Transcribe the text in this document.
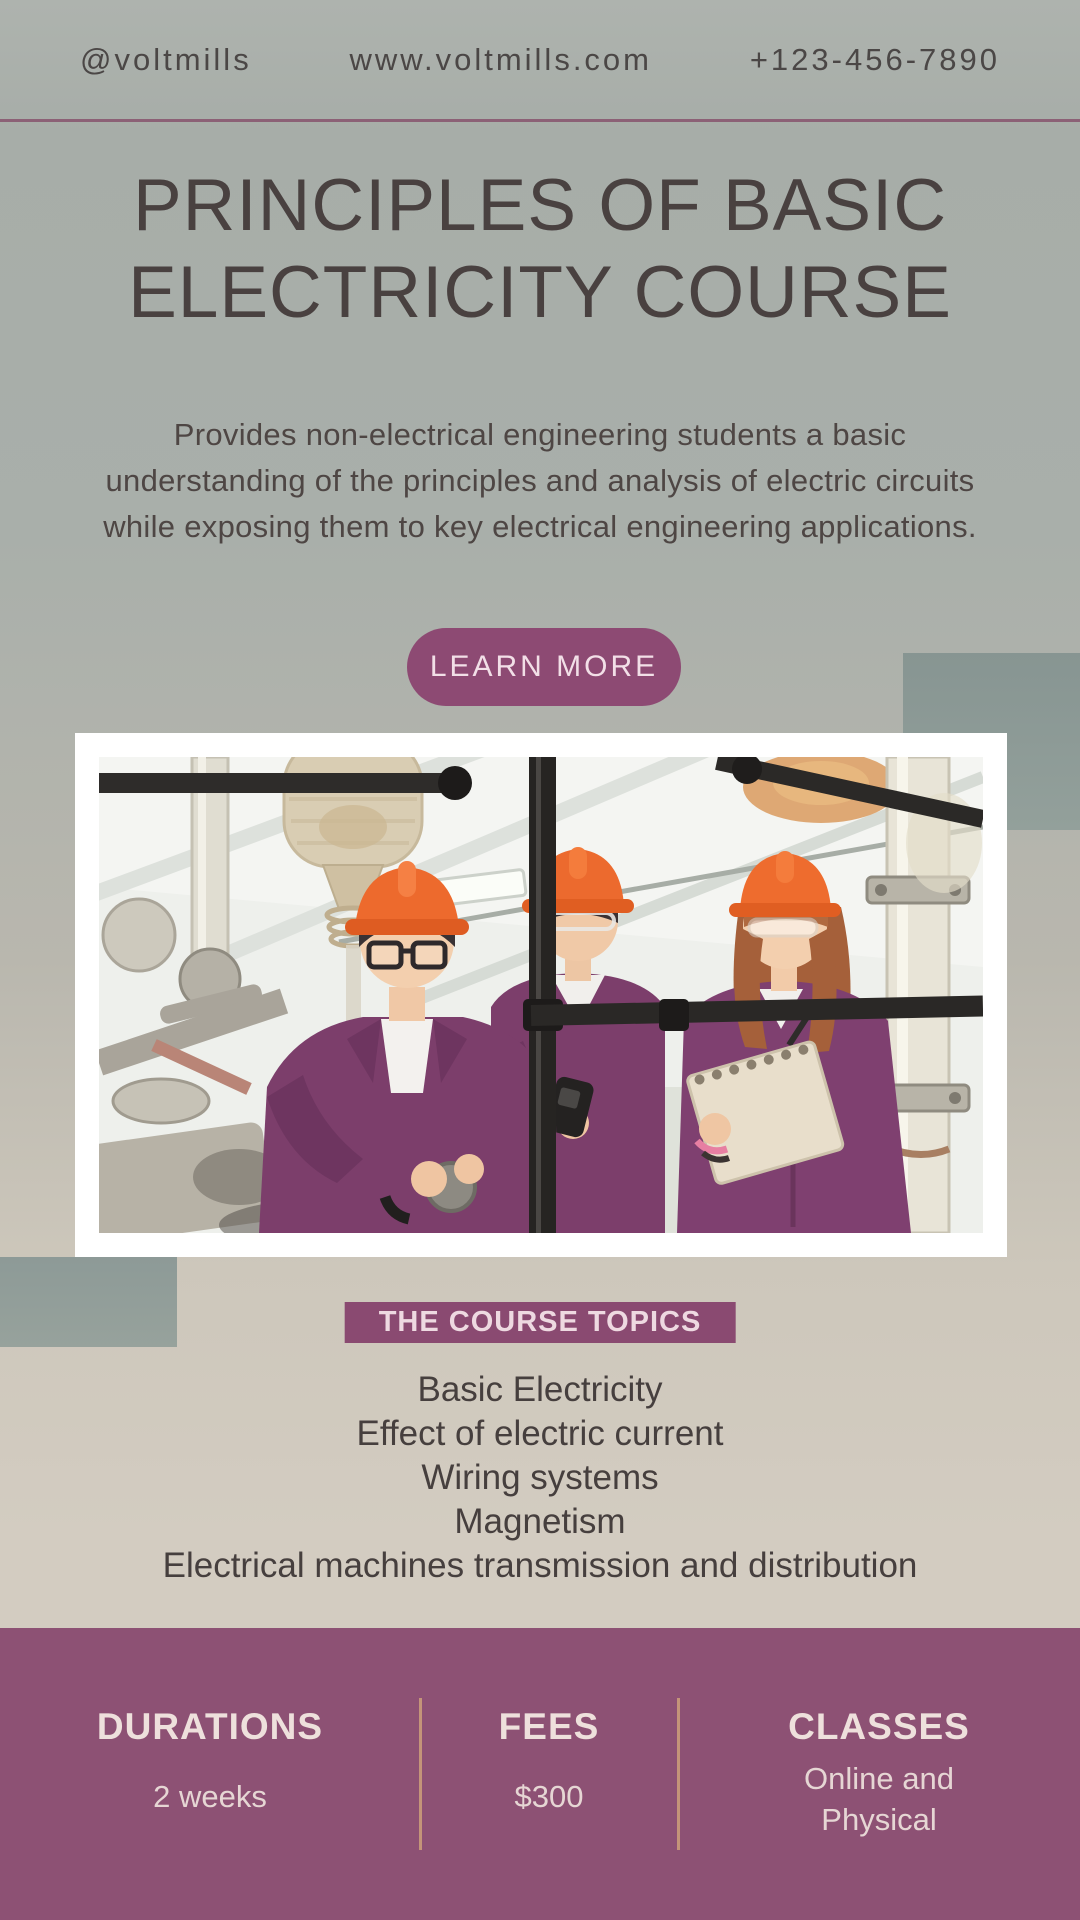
@voltmills	www.voltmills.com	+123-456-7890
PRINCIPLES OF BASIC
ELECTRICITY COURSE
Provides non-electrical engineering students a basic understanding of the principles and analysis of electric circuits while exposing them to key electrical engineering applications.
LEARN MORE
THE COURSE TOPICS
Basic Electricity
Effect of electric current
Wiring systems
Magnetism
Electrical machines transmission and distribution
DURATIONS
2 weeks
FEES
$300
CLASSES
Online and Physical
